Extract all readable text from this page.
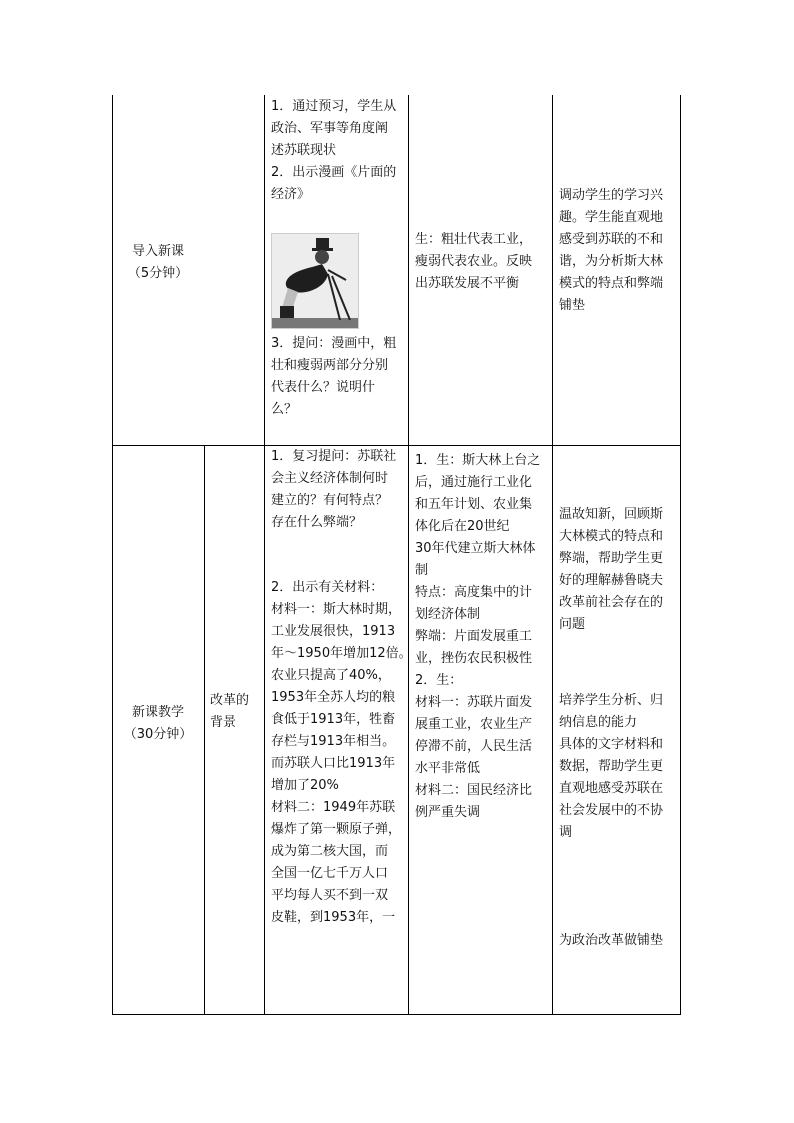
导入新课
（5分钟）
1．通过预习，学生从
政治、军事等角度阐
述苏联现状
2．出示漫画《片面的
经济》
3．提问：漫画中，粗
壮和瘦弱两部分分别
代表什么？说明什
么？
生：粗壮代表工业，
瘦弱代表农业。反映
出苏联发展不平衡
调动学生的学习兴
趣。学生能直观地
感受到苏联的不和
谐，为分析斯大林
模式的特点和弊端
铺垫
新课教学
（30分钟）
改革的
背景
1．复习提问：苏联社
会主义经济体制何时
建立的？有何特点？
存在什么弊端？
2．出示有关材料：
材料一：斯大林时期，
工业发展很快，1913
年～1950年增加12倍。
农业只提高了40%，
1953年全苏人均的粮
食低于1913年，牲畜
存栏与1913年相当。
而苏联人口比1913年
增加了20%
材料二：1949年苏联
爆炸了第一颗原子弹，
成为第二核大国，而
全国一亿七千万人口
平均每人买不到一双
皮鞋，到1953年，一
1．生：斯大林上台之
后，通过施行工业化
和五年计划、农业集
体化后在20世纪
30年代建立斯大林体
制
特点：高度集中的计
划经济体制
弊端：片面发展重工
业，挫伤农民积极性
2．生：
材料一：苏联片面发
展重工业，农业生产
停滞不前，人民生活
水平非常低
材料二：国民经济比
例严重失调
温故知新，回顾斯
大林模式的特点和
弊端，帮助学生更
好的理解赫鲁晓夫
改革前社会存在的
问题
培养学生分析、归
纳信息的能力
具体的文字材料和
数据，帮助学生更
直观地感受苏联在
社会发展中的不协
调
为政治改革做铺垫
